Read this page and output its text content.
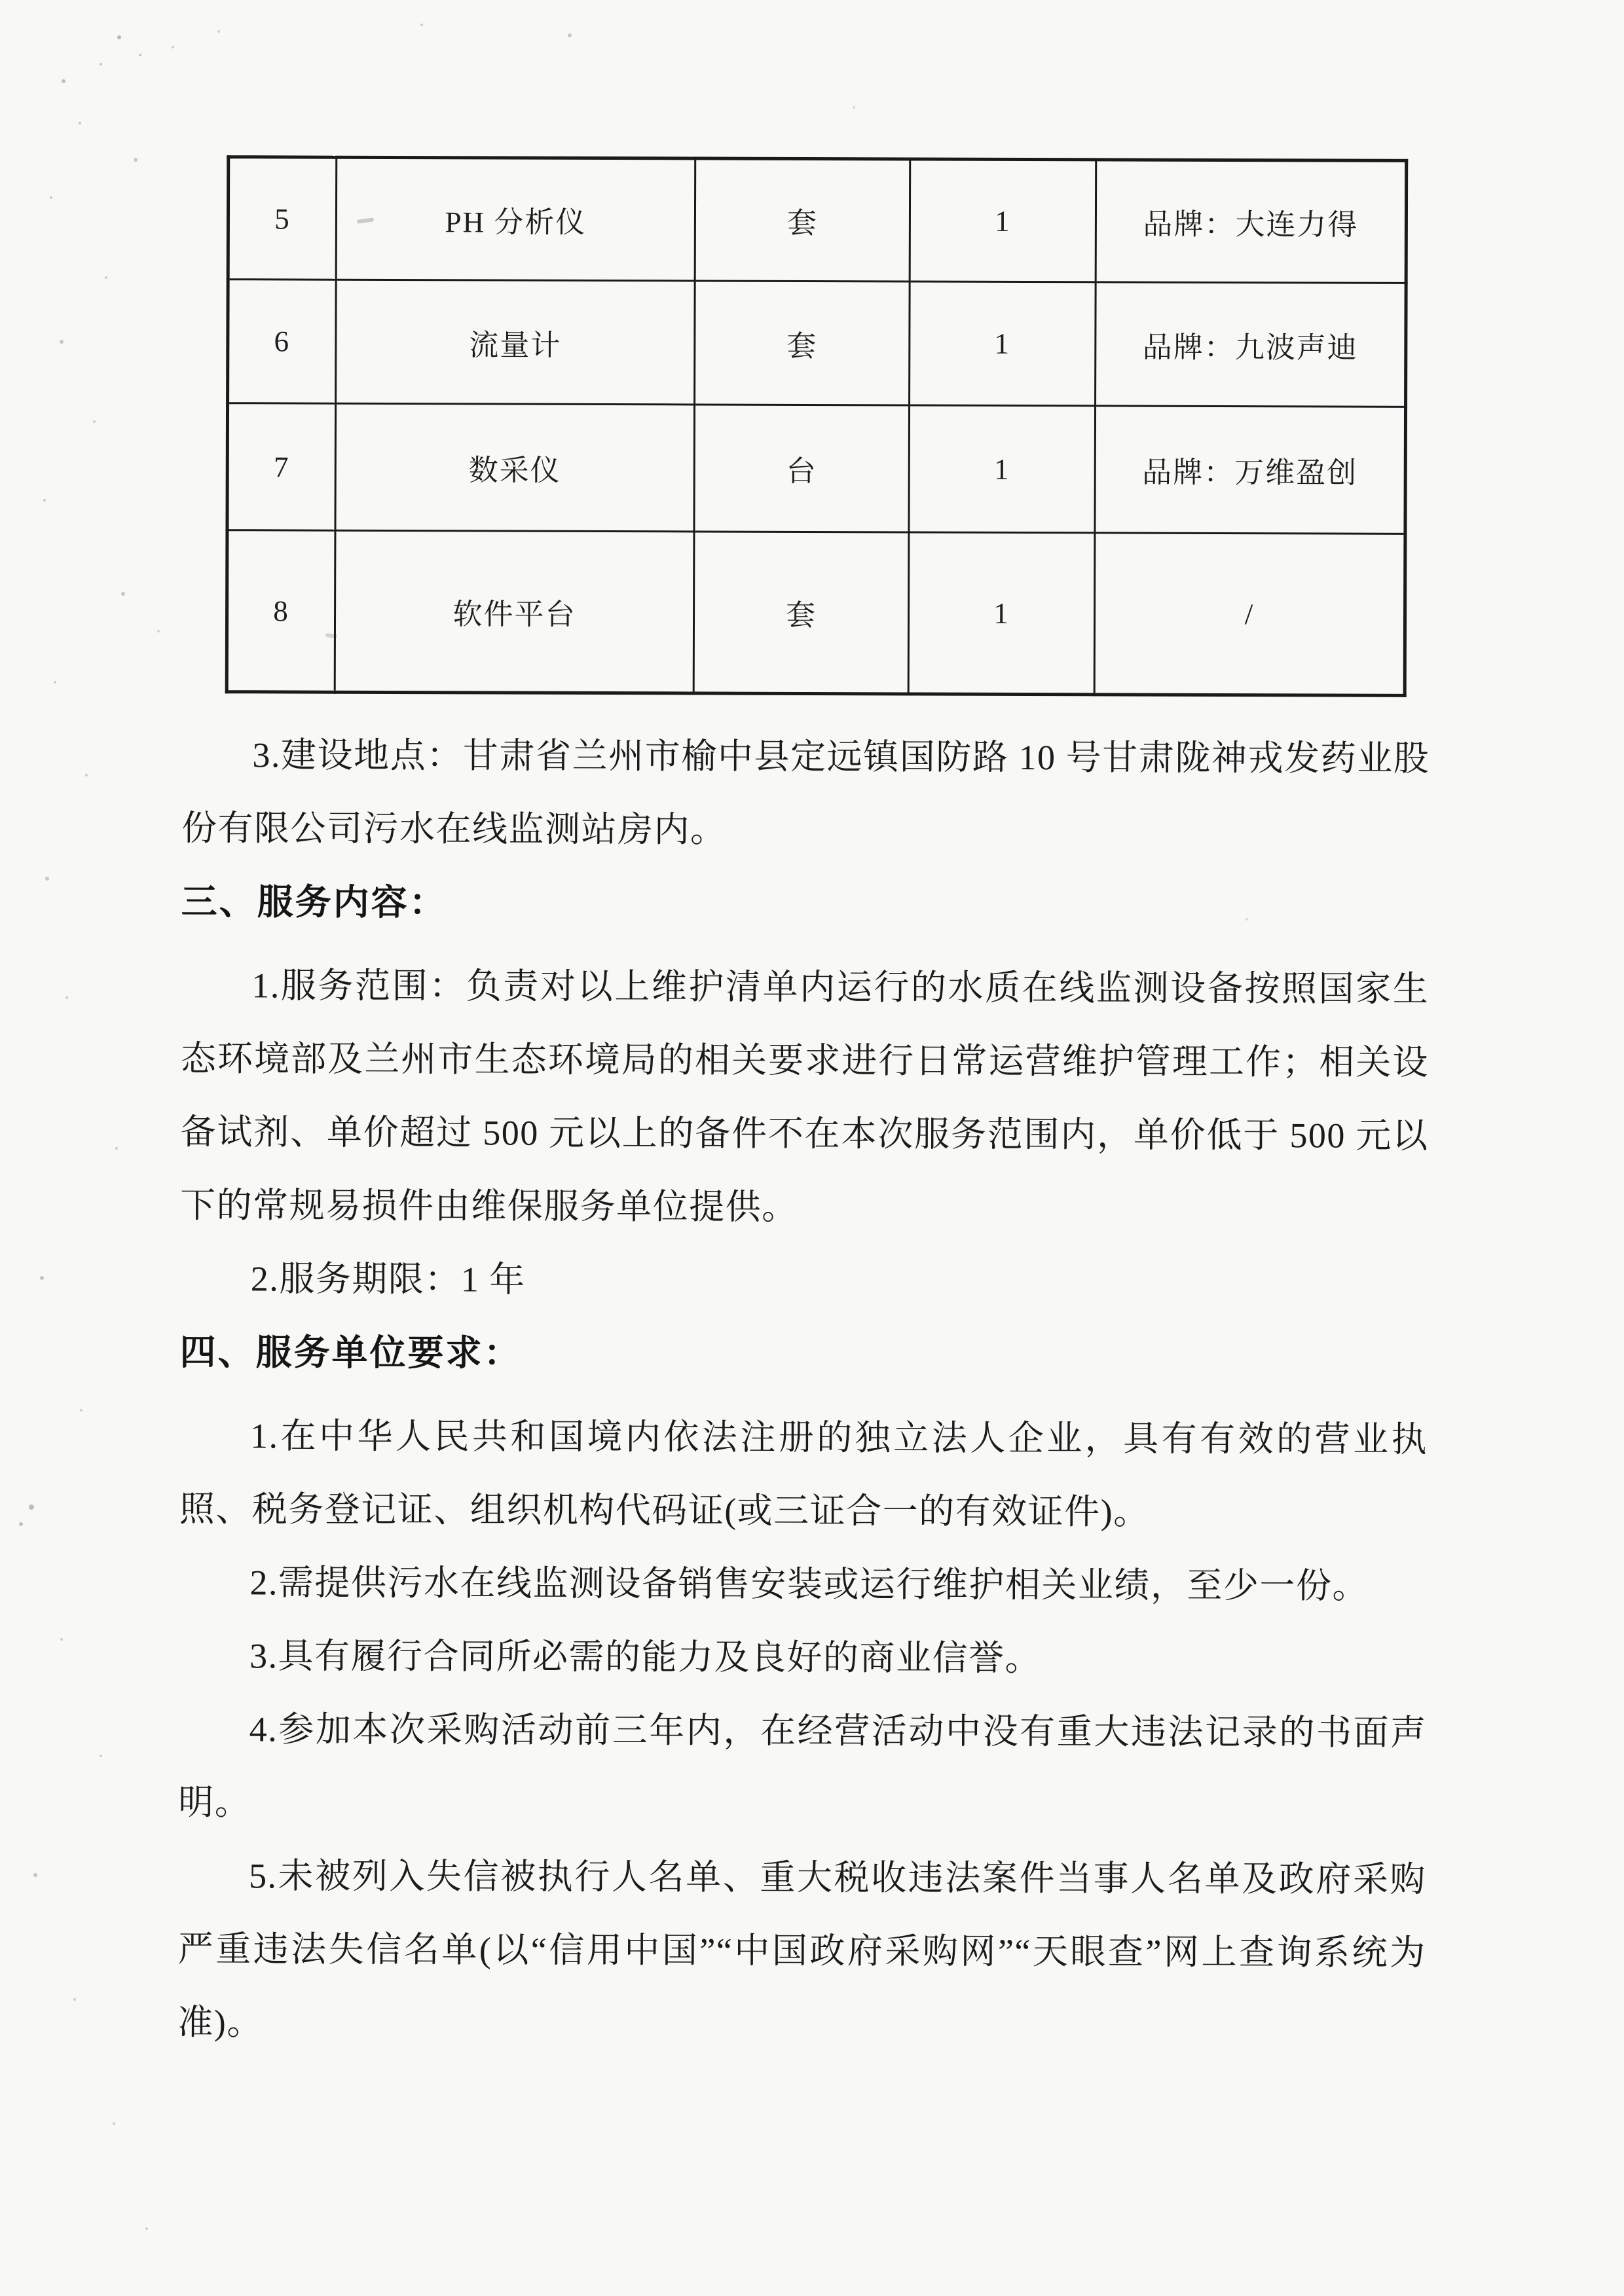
5	PH 分析仪	套	1	品牌：大连力得
6	流量计	套	1	品牌：九波声迪
7	数采仪	台	1	品牌：万维盈创
8	软件平台	套	1	/

3.建设地点：甘肃省兰州市榆中县定远镇国防路 10 号甘肃陇神戎发药业股份有限公司污水在线监测站房内。

三、服务内容：

1.服务范围：负责对以上维护清单内运行的水质在线监测设备按照国家生态环境部及兰州市生态环境局的相关要求进行日常运营维护管理工作；相关设备试剂、单价超过 500 元以上的备件不在本次服务范围内，单价低于 500 元以下的常规易损件由维保服务单位提供。

2.服务期限：1 年

四、服务单位要求：

1.在中华人民共和国境内依法注册的独立法人企业，具有有效的营业执照、税务登记证、组织机构代码证(或三证合一的有效证件)。

2.需提供污水在线监测设备销售安装或运行维护相关业绩，至少一份。

3.具有履行合同所必需的能力及良好的商业信誉。

4.参加本次采购活动前三年内，在经营活动中没有重大违法记录的书面声明。

5.未被列入失信被执行人名单、重大税收违法案件当事人名单及政府采购严重违法失信名单(以“信用中国”“中国政府采购网”“天眼查”网上查询系统为准)。
